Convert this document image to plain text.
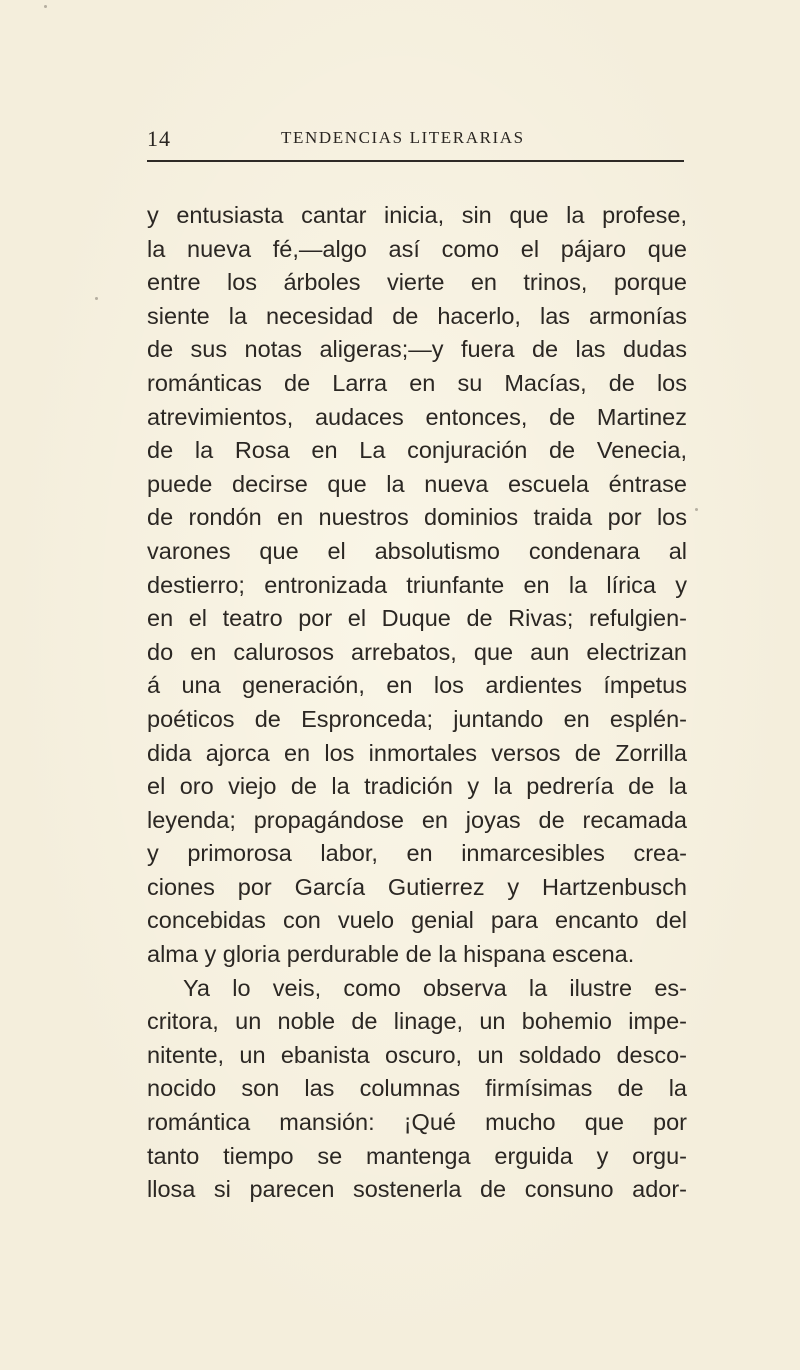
14	TENDENCIAS LITERARIAS
y entusiasta cantar inicia, sin que la profese,
la nueva fé,—algo así como el pájaro que
entre los árboles vierte en trinos, porque
siente la necesidad de hacerlo, las armonías
de sus notas aligeras;—y fuera de las dudas
románticas de Larra en su Macías, de los
atrevimientos, audaces entonces, de Martinez
de la Rosa en La conjuración de Venecia,
puede decirse que la nueva escuela éntrase
de rondón en nuestros dominios traida por los
varones que el absolutismo condenara al
destierro; entronizada triunfante en la lírica y
en el teatro por el Duque de Rivas; refulgien-
do en calurosos arrebatos, que aun electrizan
á una generación, en los ardientes ímpetus
poéticos de Espronceda; juntando en esplén-
dida ajorca en los inmortales versos de Zorrilla
el oro viejo de la tradición y la pedrería de la
leyenda; propagándose en joyas de recamada
y primorosa labor, en inmarcesibles crea-
ciones por García Gutierrez y Hartzenbusch
concebidas con vuelo genial para encanto del
alma y gloria perdurable de la hispana escena.
Ya lo veis, como observa la ilustre es-
critora, un noble de linage, un bohemio impe-
nitente, un ebanista oscuro, un soldado desco-
nocido son las columnas firmísimas de la
romántica mansión: ¡Qué mucho que por
tanto tiempo se mantenga erguida y orgu-
llosa si parecen sostenerla de consuno ador-
